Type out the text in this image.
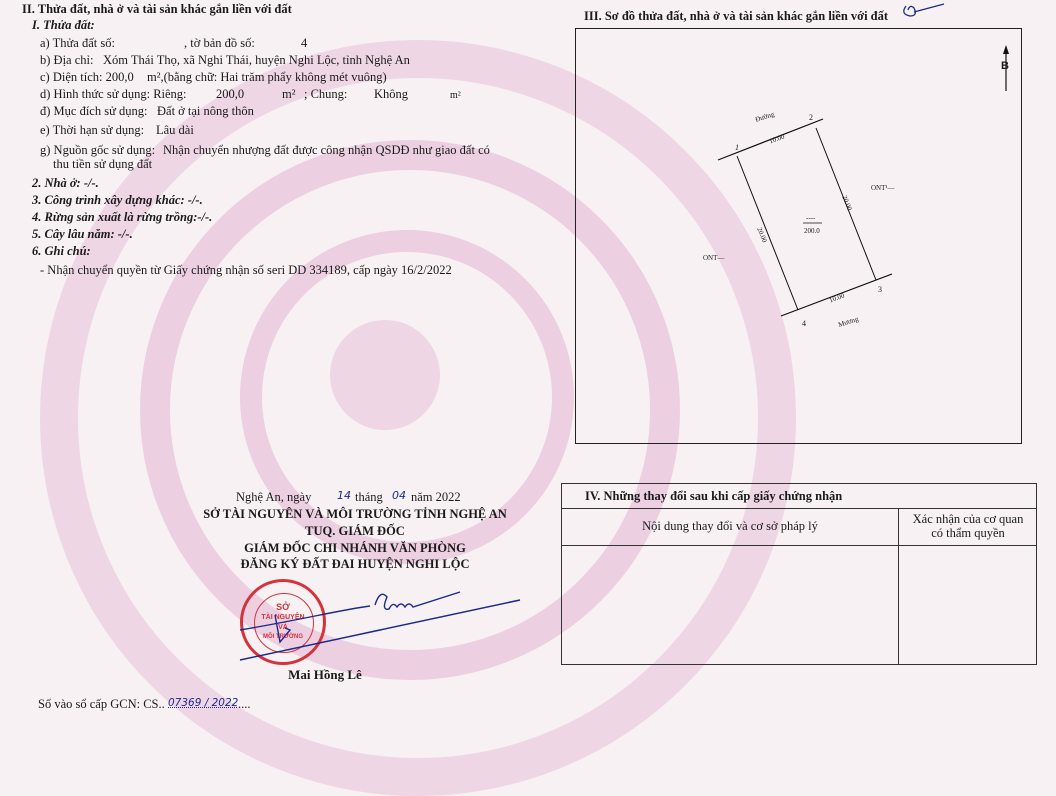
II. Thửa đất, nhà ở và tài sản khác gắn liền với đất
I. Thửa đất:
a) Thửa đất số:	, tờ bản đồ số:	4
b) Địa chỉ: Xóm Thái Thọ, xã Nghi Thái, huyện Nghi Lộc, tỉnh Nghệ An
c) Diện tích: 200,0 m²,(bằng chữ: Hai trăm phẩy không mét vuông)
d) Hình thức sử dụng: Riêng: 200,0	m² ; Chung: Không	m²
đ) Mục đích sử dụng: Đất ở tại nông thôn
e) Thời hạn sử dụng: Lâu dài
g) Nguồn gốc sử dụng: Nhận chuyển nhượng đất được công nhận QSDĐ như giao đất có
thu tiền sử dụng đất
2. Nhà ở: -/-.
3. Công trình xây dựng khác: -/-.
4. Rừng sản xuất là rừng trồng:-/-.
5. Cây lâu năm: -/-.
6. Ghi chú:
- Nhận chuyển quyền từ Giấy chứng nhận số seri DD 334189, cấp ngày 16/2/2022
III. Sơ đồ thửa đất, nhà ở và tài sản khác gắn liền với đất
B
Đường	2
1
10.00
20.00
20.00
----
200.0
ONT¹—
ONT—
3
10.00
4	Mương
Nghệ An, ngày 14 tháng 04 năm 2022
SỞ TÀI NGUYÊN VÀ MÔI TRƯỜNG TỈNH NGHỆ AN
TUQ. GIÁM ĐỐC
GIÁM ĐỐC CHI NHÁNH VĂN PHÒNG
ĐĂNG KÝ ĐẤT ĐAI HUYỆN NGHI LỘC
SỞ
TÀI NGUYÊN
VÀ
MÔI TRƯỜNG
Mai Hồng Lê
Số vào sổ cấp GCN: CS.. 07369 / 2022 ....
IV. Những thay đổi sau khi cấp giấy chứng nhận
Nội dung thay đổi và cơ sở pháp lý	Xác nhận của cơ quan
có thẩm quyền
